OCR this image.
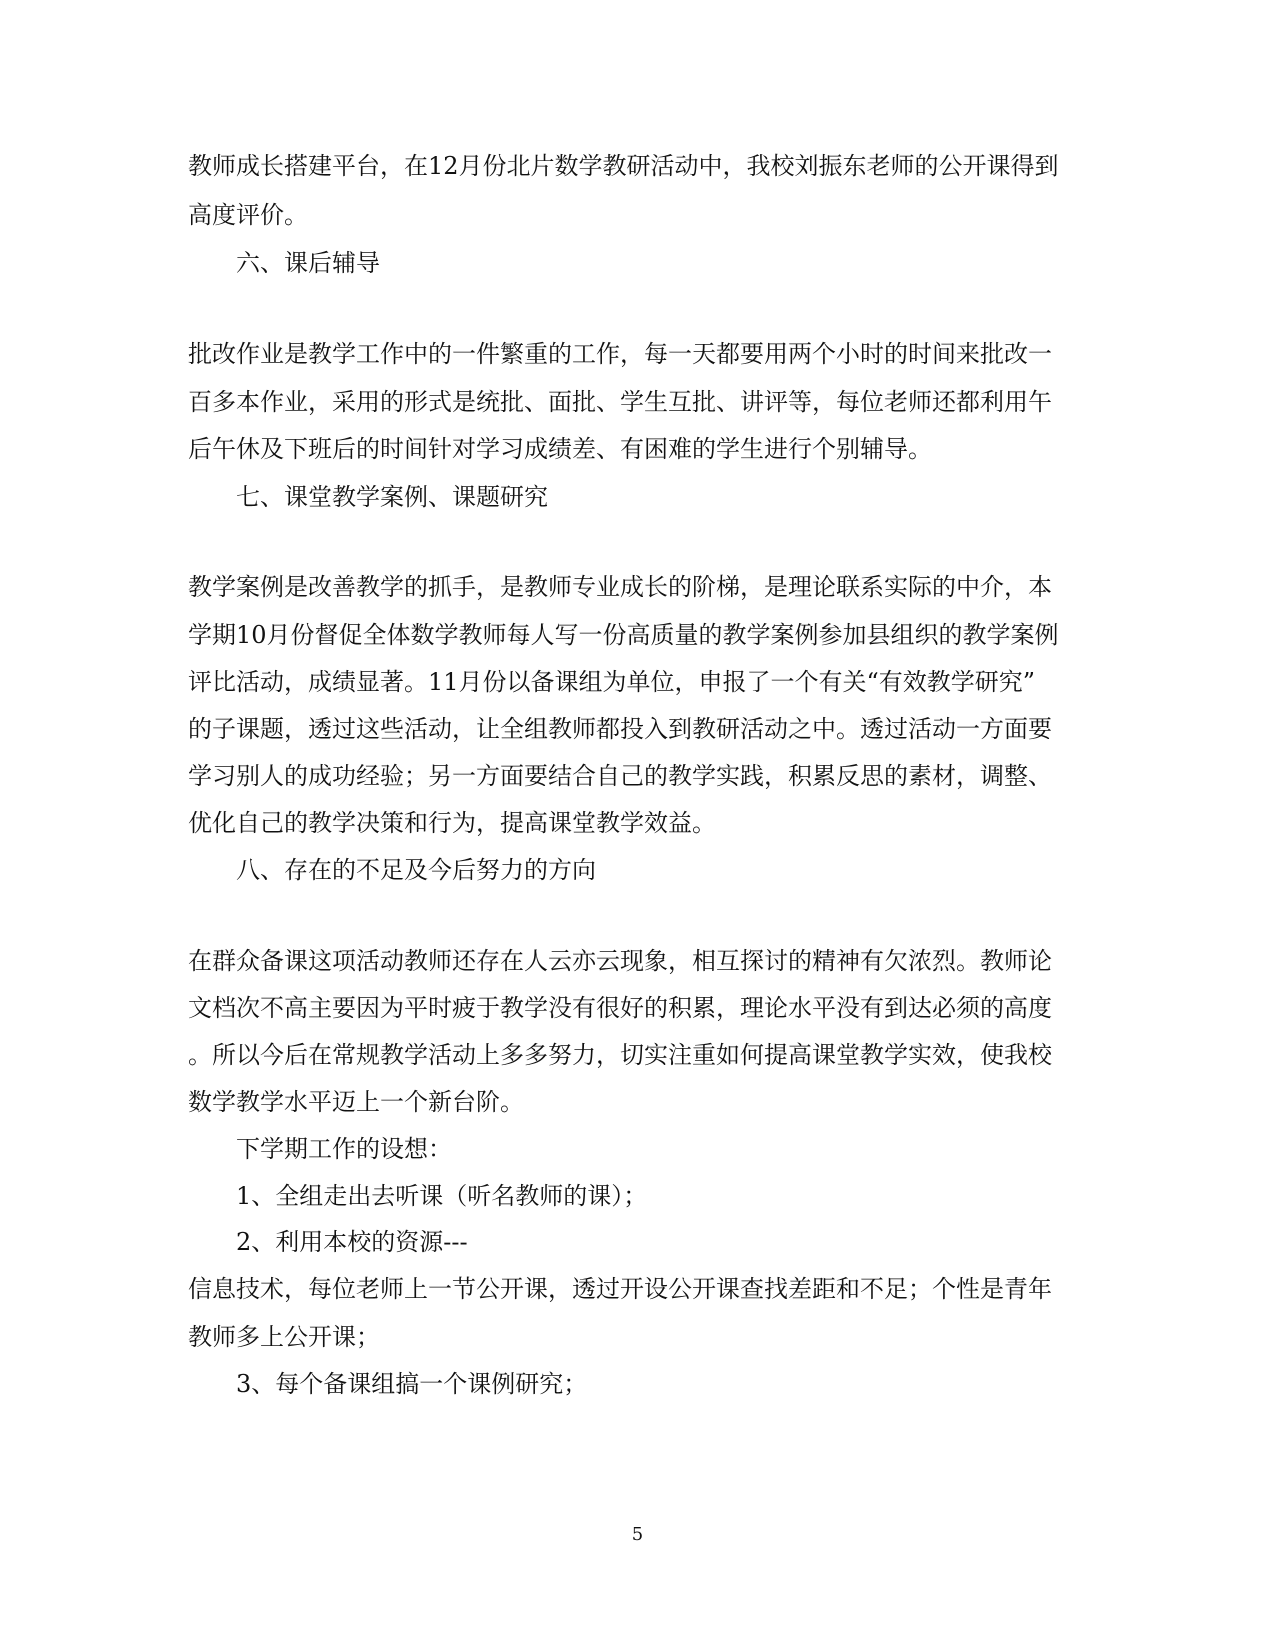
教师成长搭建平台，在12月份北片数学教研活动中，我校刘振东老师的公开课得到
高度评价。
六、课后辅导
批改作业是教学工作中的一件繁重的工作，每一天都要用两个小时的时间来批改一
百多本作业，采用的形式是统批、面批、学生互批、讲评等，每位老师还都利用午
后午休及下班后的时间针对学习成绩差、有困难的学生进行个别辅导。
七、课堂教学案例、课题研究
教学案例是改善教学的抓手，是教师专业成长的阶梯，是理论联系实际的中介，本
学期10月份督促全体数学教师每人写一份高质量的教学案例参加县组织的教学案例
评比活动，成绩显著。11月份以备课组为单位，申报了一个有关“有效教学研究”
的子课题，透过这些活动，让全组教师都投入到教研活动之中。透过活动一方面要
学习别人的成功经验；另一方面要结合自己的教学实践，积累反思的素材，调整、
优化自己的教学决策和行为，提高课堂教学效益。
八、存在的不足及今后努力的方向
在群众备课这项活动教师还存在人云亦云现象，相互探讨的精神有欠浓烈。教师论
文档次不高主要因为平时疲于教学没有很好的积累，理论水平没有到达必须的高度
。所以今后在常规教学活动上多多努力，切实注重如何提高课堂教学实效，使我校
数学教学水平迈上一个新台阶。
下学期工作的设想：
1、全组走出去听课（听名教师的课）；
2、利用本校的资源---
信息技术，每位老师上一节公开课，透过开设公开课查找差距和不足；个性是青年
教师多上公开课；
3、每个备课组搞一个课例研究；
5
